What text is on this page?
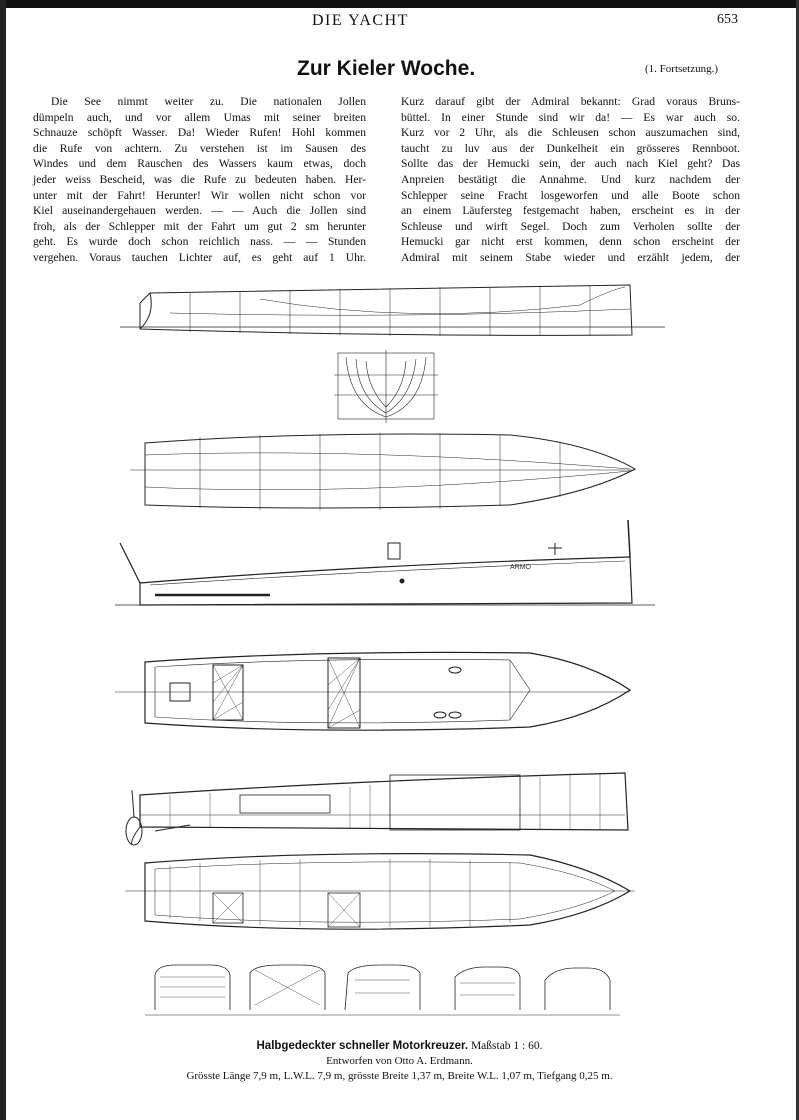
DIE YACHT	653
Zur Kieler Woche.	(1. Fortsetzung.)
Die See nimmt weiter zu. Die nationalen Jollen
dümpeln auch, und vor allem Umas mit seiner breiten
Schnauze schöpft Wasser. Da! Wieder Rufen! Hohl kommen
die Rufe von achtern. Zu verstehen ist im Sausen des
Windes und dem Rauschen des Wassers kaum etwas, doch
jeder weiss Bescheid, was die Rufe zu bedeuten haben. Her-
unter mit der Fahrt! Herunter! Wir wollen nicht schon vor
Kiel auseinandergehauen werden. — — Auch die Jollen sind
froh, als der Schlepper mit der Fahrt um gut 2 sm herunter
geht. Es wurde doch schon reichlich nass. — — Stunden
vergehen. Voraus tauchen Lichter auf, es geht auf 1 Uhr.
Kurz darauf gibt der Admiral bekannt: Grad voraus Bruns-
büttel. In einer Stunde sind wir da! — Es war auch so.
Kurz vor 2 Uhr, als die Schleusen schon auszumachen sind,
taucht zu luv aus der Dunkelheit ein grösseres Rennboot.
Sollte das der Hemucki sein, der auch nach Kiel geht? Das
Anpreien bestätigt die Annahme. Und kurz nachdem der
Schlepper seine Fracht losgeworfen und alle Boote schon
an einem Läufersteg festgemacht haben, erscheint es in der
Schleuse und wirft Segel. Doch zum Verholen sollte der
Hemucki gar nicht erst kommen, denn schon erscheint der
Admiral mit seinem Stabe wieder und erzählt jedem, der
ARMO
Halbgedeckter schneller Motorkreuzer. Maßstab 1 : 60.
Entworfen von Otto A. Erdmann.
Grösste Länge 7,9 m, L.W.L. 7,9 m, grösste Breite 1,37 m, Breite W.L. 1,07 m, Tiefgang 0,25 m.
